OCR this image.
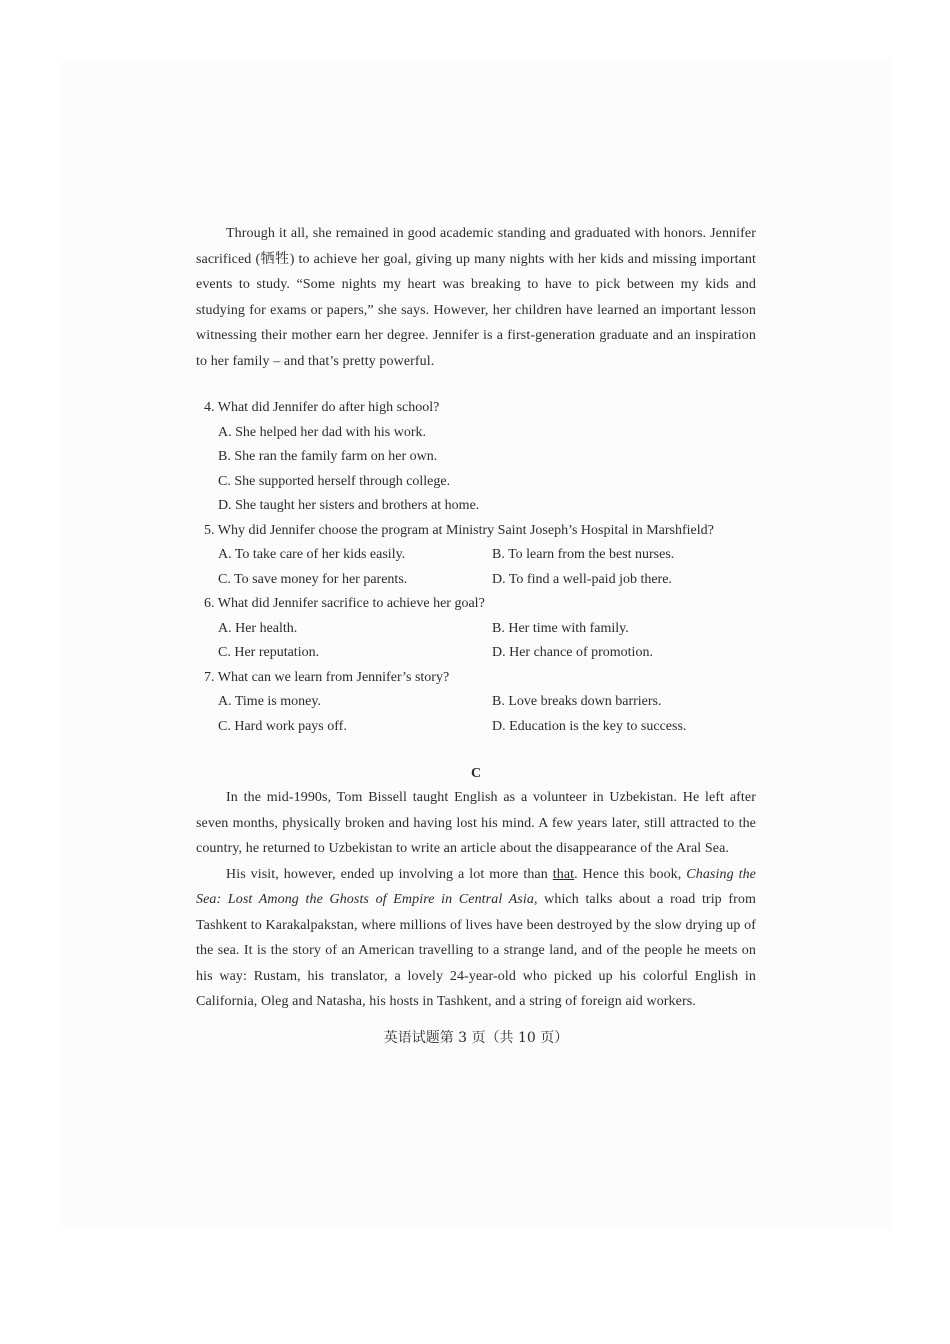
Through it all, she remained in good academic standing and graduated with honors. Jennifer sacrificed (牺牲) to achieve her goal, giving up many nights with her kids and missing important events to study. “Some nights my heart was breaking to have to pick between my kids and studying for exams or papers,” she says. However, her children have learned an important lesson witnessing their mother earn her degree. Jennifer is a first-generation graduate and an inspiration to her family – and that’s pretty powerful.

4. What did Jennifer do after high school?
A. She helped her dad with his work.
B. She ran the family farm on her own.
C. She supported herself through college.
D. She taught her sisters and brothers at home.
5. Why did Jennifer choose the program at Ministry Saint Joseph’s Hospital in Marshfield?
A. To take care of her kids easily.	B. To learn from the best nurses.
C. To save money for her parents.	D. To find a well-paid job there.
6. What did Jennifer sacrifice to achieve her goal?
A. Her health.	B. Her time with family.
C. Her reputation.	D. Her chance of promotion.
7. What can we learn from Jennifer’s story?
A. Time is money.	B. Love breaks down barriers.
C. Hard work pays off.	D. Education is the key to success.
C

In the mid-1990s, Tom Bissell taught English as a volunteer in Uzbekistan. He left after seven months, physically broken and having lost his mind. A few years later, still attracted to the country, he returned to Uzbekistan to write an article about the disappearance of the Aral Sea.

His visit, however, ended up involving a lot more than that. Hence this book, Chasing the Sea: Lost Among the Ghosts of Empire in Central Asia, which talks about a road trip from Tashkent to Karakalpakstan, where millions of lives have been destroyed by the slow drying up of the sea. It is the story of an American travelling to a strange land, and of the people he meets on his way: Rustam, his translator, a lovely 24-year-old who picked up his colorful English in California, Oleg and Natasha, his hosts in Tashkent, and a string of foreign aid workers.

英语试题第 3 页（共 10 页）
